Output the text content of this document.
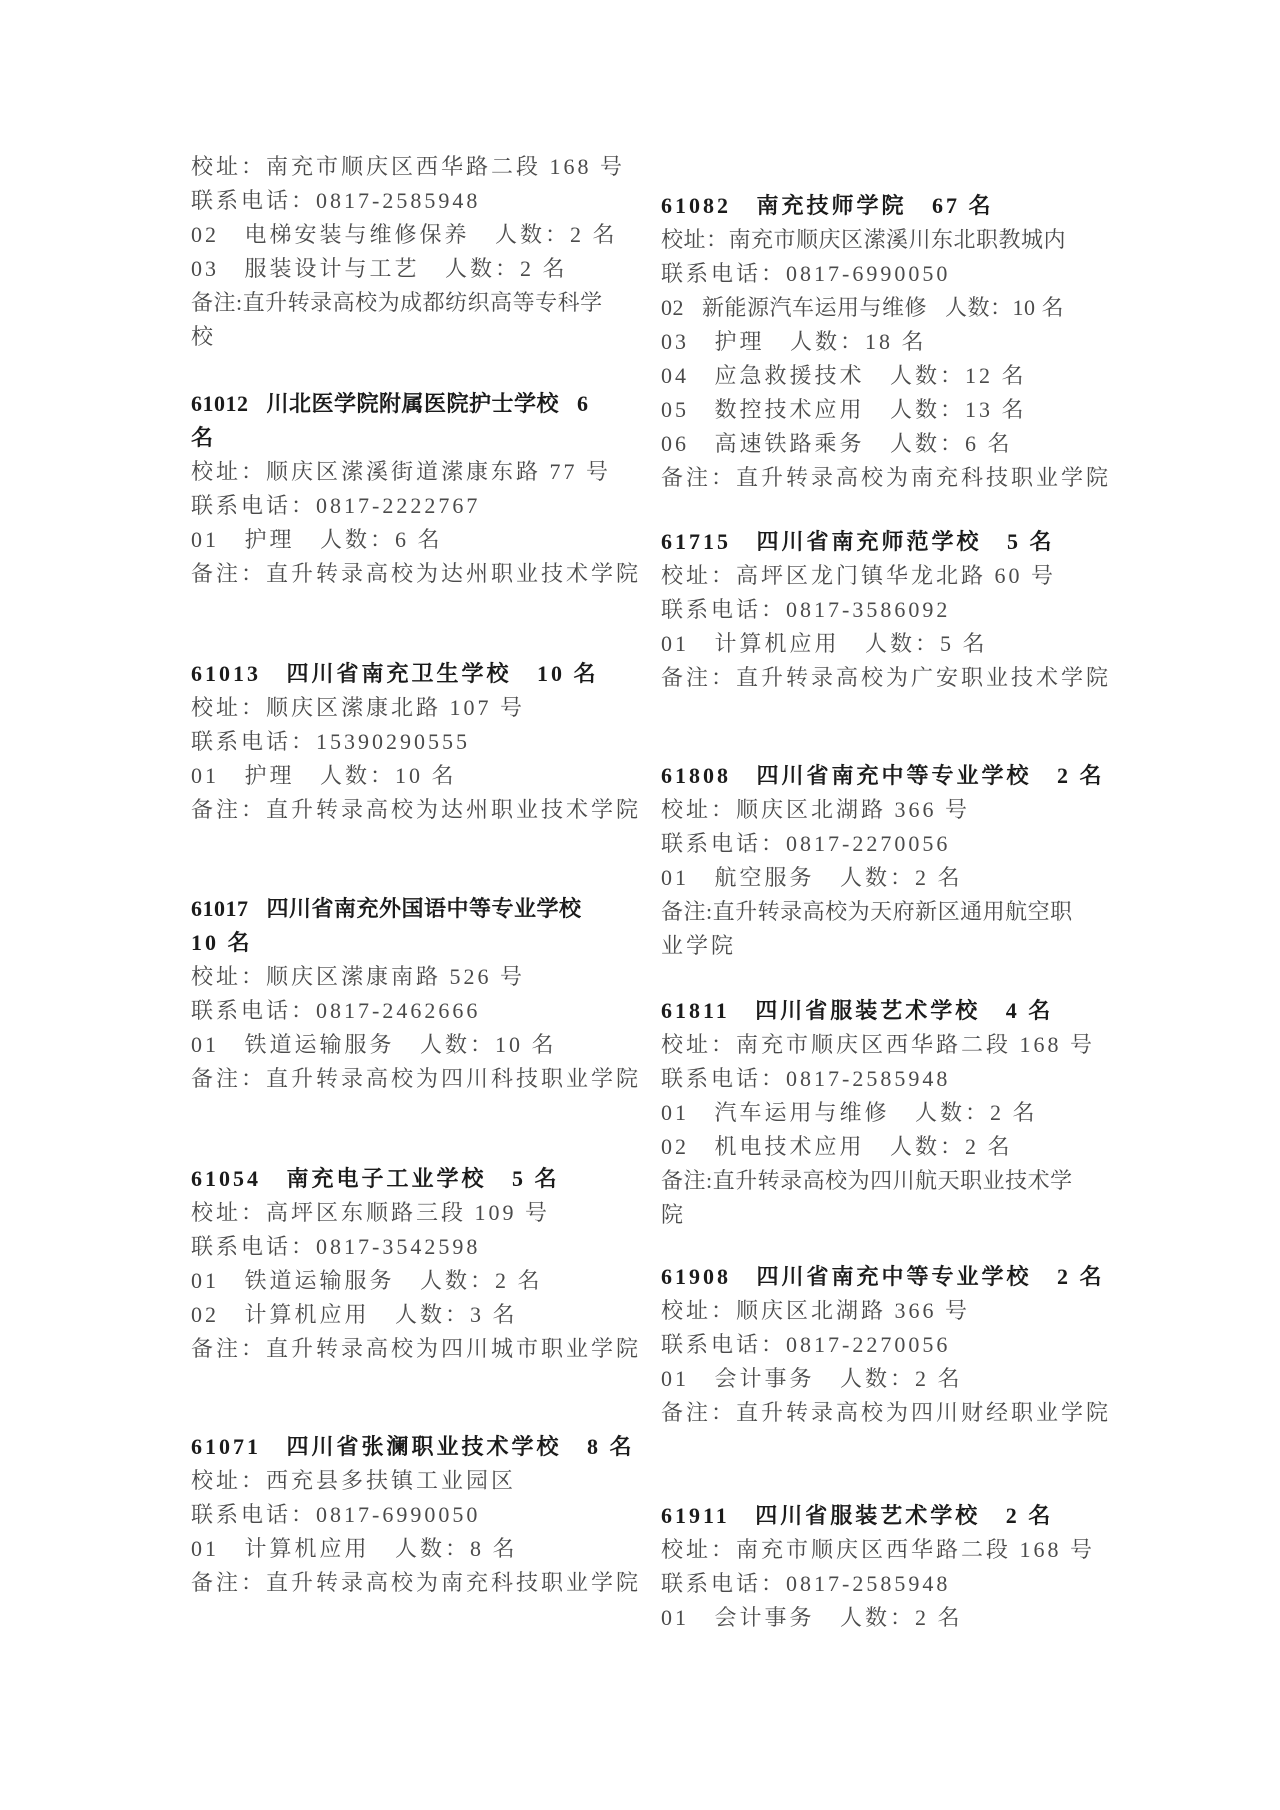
校址：南充市顺庆区西华路二段 168 号
联系电话：0817-2585948
02   电梯安装与维修保养   人数：2 名
03   服装设计与工艺   人数：2 名
备注:直升转录高校为成都纺织高等专科学
校
61012   川北医学院附属医院护士学校   6
名
校址：顺庆区潆溪街道潆康东路 77 号
联系电话：0817-2222767
01   护理   人数：6 名
备注：直升转录高校为达州职业技术学院
61013   四川省南充卫生学校   10 名
校址：顺庆区潆康北路 107 号
联系电话：15390290555
01   护理   人数：10 名
备注：直升转录高校为达州职业技术学院
61017   四川省南充外国语中等专业学校
10 名
校址：顺庆区潆康南路 526 号
联系电话：0817-2462666
01   铁道运输服务   人数：10 名
备注：直升转录高校为四川科技职业学院
61054   南充电子工业学校   5 名
校址：高坪区东顺路三段 109 号
联系电话：0817-3542598
01   铁道运输服务   人数：2 名
02   计算机应用   人数：3 名
备注：直升转录高校为四川城市职业学院
61071   四川省张澜职业技术学校   8 名
校址：西充县多扶镇工业园区
联系电话：0817-6990050
01   计算机应用   人数：8 名
备注：直升转录高校为南充科技职业学院
61082   南充技师学院   67 名
校址：南充市顺庆区潆溪川东北职教城内
联系电话：0817-6990050
02   新能源汽车运用与维修   人数：10 名
03   护理   人数：18 名
04   应急救援技术   人数：12 名
05   数控技术应用   人数：13 名
06   高速铁路乘务   人数：6 名
备注：直升转录高校为南充科技职业学院
61715   四川省南充师范学校   5 名
校址：高坪区龙门镇华龙北路 60 号
联系电话：0817-3586092
01   计算机应用   人数：5 名
备注：直升转录高校为广安职业技术学院
61808   四川省南充中等专业学校   2 名
校址：顺庆区北湖路 366 号
联系电话：0817-2270056
01   航空服务   人数：2 名
备注:直升转录高校为天府新区通用航空职
业学院
61811   四川省服装艺术学校   4 名
校址：南充市顺庆区西华路二段 168 号
联系电话：0817-2585948
01   汽车运用与维修   人数：2 名
02   机电技术应用   人数：2 名
备注:直升转录高校为四川航天职业技术学
院
61908   四川省南充中等专业学校   2 名
校址：顺庆区北湖路 366 号
联系电话：0817-2270056
01   会计事务   人数：2 名
备注：直升转录高校为四川财经职业学院
61911   四川省服装艺术学校   2 名
校址：南充市顺庆区西华路二段 168 号
联系电话：0817-2585948
01   会计事务   人数：2 名
